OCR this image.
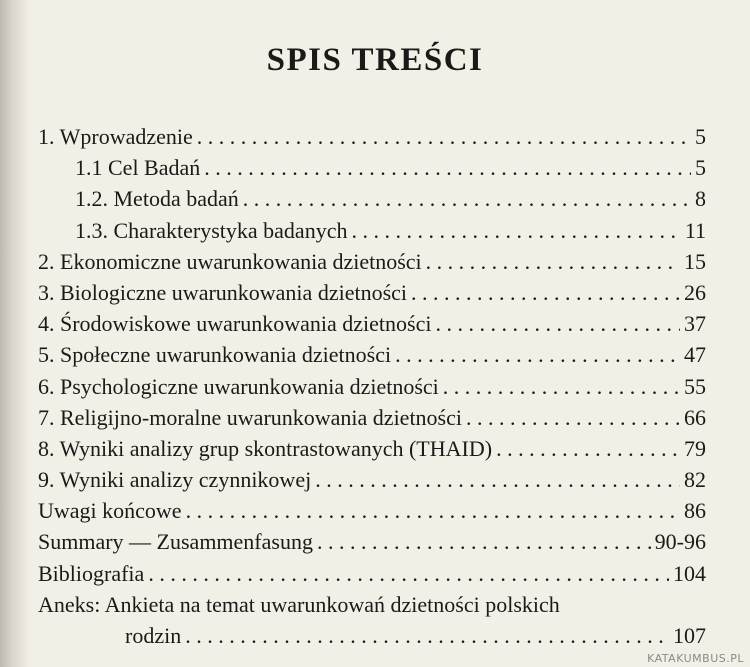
SPIS TREŚCI
1. Wprowadzenie . . .	5
1.1 Cel Badań . . .	5
1.2. Metoda badań . . .	8
1.3. Charakterystyka badanych . . .	11
2. Ekonomiczne uwarunkowania dzietności . . .	15
3. Biologiczne uwarunkowania dzietności . . .	26
4. Środowiskowe uwarunkowania dzietności . . .	37
5. Społeczne uwarunkowania dzietności . . .	47
6. Psychologiczne uwarunkowania dzietności . . .	55
7. Religijno-moralne uwarunkowania dzietności . . .	66
8. Wyniki analizy grup skontrastowanych (THAID) . . .	79
9. Wyniki analizy czynnikowej . . .	82
Uwagi końcowe . . .	86
Summary — Zusammenfasung . . .	90-96
Bibliografia . . .	104
Aneks: Ankieta na temat uwarunkowań dzietności polskich
rodzin . . .	107
KATAKUMBUS.PL
